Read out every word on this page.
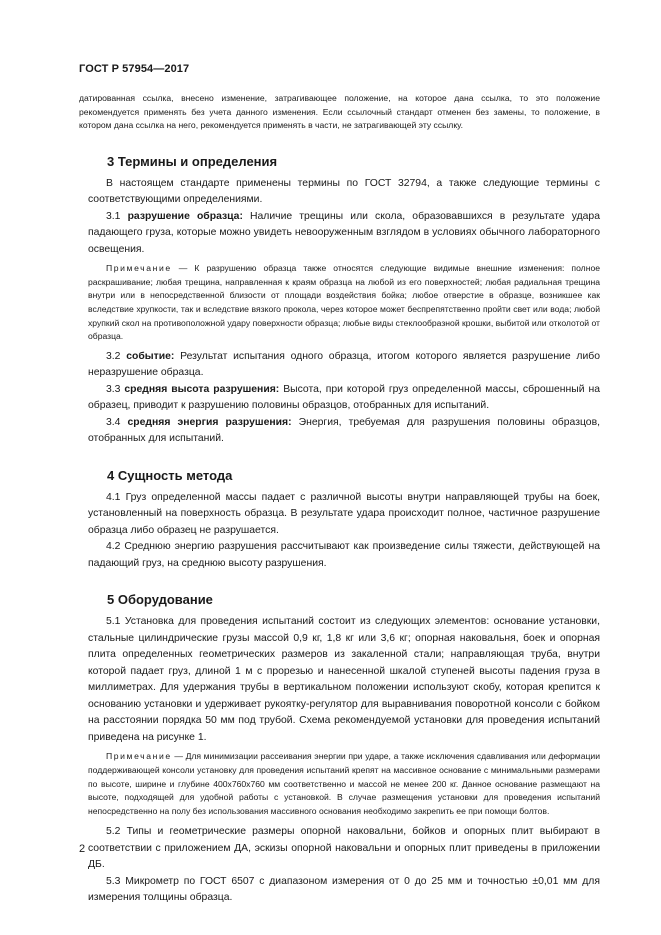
ГОСТ Р 57954—2017

датированная ссылка, внесено изменение, затрагивающее положение, на которое дана ссылка, то это положение рекомендуется применять без учета данного изменения. Если ссылочный стандарт отменен без замены, то положение, в котором дана ссылка на него, рекомендуется применять в части, не затрагивающей эту ссылку.

3 Термины и определения

В настоящем стандарте применены термины по ГОСТ 32794, а также следующие термины с соответствующими определениями.

3.1 разрушение образца: Наличие трещины или скола, образовавшихся в результате удара падающего груза, которые можно увидеть невооруженным взглядом в условиях обычного лабораторного освещения.

Примечание — К разрушению образца также относятся следующие видимые внешние изменения: полное раскрашивание; любая трещина, направленная к краям образца на любой из его поверхностей; любая радиальная трещина внутри или в непосредственной близости от площади воздействия бойка; любое отверстие в образце, возникшее как вследствие хрупкости, так и вследствие вязкого прокола, через которое может беспрепятственно пройти свет или вода; любой хрупкий скол на противоположной удару поверхности образца; любые виды стеклообразной крошки, выбитой или отколотой от образца.

3.2 событие: Результат испытания одного образца, итогом которого является разрушение либо неразрушение образца.

3.3 средняя высота разрушения: Высота, при которой груз определенной массы, сброшенный на образец, приводит к разрушению половины образцов, отобранных для испытаний.

3.4 средняя энергия разрушения: Энергия, требуемая для разрушения половины образцов, отобранных для испытаний.

4 Сущность метода

4.1 Груз определенной массы падает с различной высоты внутри направляющей трубы на боек, установленный на поверхность образца. В результате удара происходит полное, частичное разрушение образца либо образец не разрушается.

4.2 Среднюю энергию разрушения рассчитывают как произведение силы тяжести, действующей на падающий груз, на среднюю высоту разрушения.

5 Оборудование

5.1 Установка для проведения испытаний состоит из следующих элементов: основание установки, стальные цилиндрические грузы массой 0,9 кг, 1,8 кг или 3,6 кг; опорная наковальня, боек и опорная плита определенных геометрических размеров из закаленной стали; направляющая труба, внутри которой падает груз, длиной 1 м с прорезью и нанесенной шкалой ступеней высоты падения груза в миллиметрах. Для удержания трубы в вертикальном положении используют скобу, которая крепится к основанию установки и удерживает рукоятку-регулятор для выравнивания поворотной консоли с бойком на расстоянии порядка 50 мм под трубой. Схема рекомендуемой установки для проведения испытаний приведена на рисунке 1.

Примечание — Для минимизации рассеивания энергии при ударе, а также исключения сдавливания или деформации поддерживающей консоли установку для проведения испытаний крепят на массивное основание с минимальными размерами по высоте, ширине и глубине 400x760x760 мм соответственно и массой не менее 200 кг. Данное основание размещают на высоте, подходящей для удобной работы с установкой. В случае размещения установки для проведения испытаний непосредственно на полу без использования массивного основания необходимо закрепить ее при помощи болтов.

5.2 Типы и геометрические размеры опорной наковальни, бойков и опорных плит выбирают в соответствии с приложением ДА, эскизы опорной наковальни и опорных плит приведены в приложении ДБ.

5.3 Микрометр по ГОСТ 6507 с диапазоном измерения от 0 до 25 мм и точностью ±0,01 мм для измерения толщины образца.

2
